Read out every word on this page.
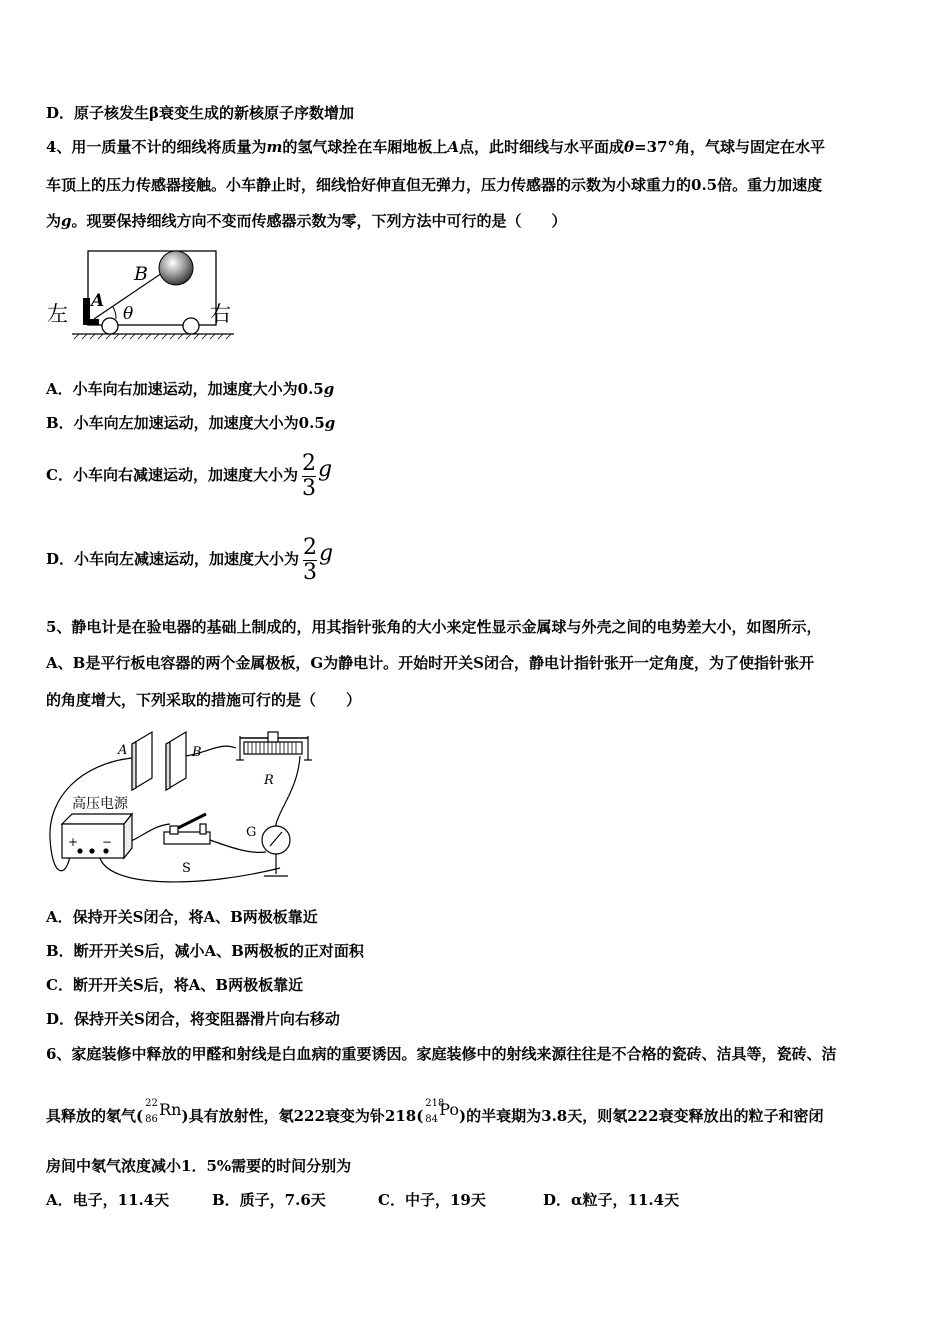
D．原子核发生β衰变生成的新核原子序数增加
4、用一质量不计的细线将质量为m的氢气球拴在车厢地板上A点，此时细线与水平面成θ=37°角，气球与固定在水平
车顶上的压力传感器接触。小车静止时，细线恰好伸直但无弹力，压力传感器的示数为小球重力的0.5倍。重力加速度
为g。现要保持细线方向不变而传感器示数为零，下列方法中可行的是（　　）
左	右
A
B
θ
A．小车向右加速运动，加速度大小为0.5g
B．小车向左加速运动，加速度大小为0.5g
C．小车向右减速运动，加速度大小为 $\frac{2}{3}$ g
D．小车向左减速运动，加速度大小为 $\frac{2}{3}$ g
5、静电计是在验电器的基础上制成的，用其指针张角的大小来定性显示金属球与外壳之间的电势差大小，如图所示，
A、B是平行板电容器的两个金属极板，G为静电计。开始时开关S闭合，静电计指针张开一定角度，为了使指针张开
的角度增大，下列采取的措施可行的是（　　）
A	B
R
G
S
高压电源
+ −
A．保持开关S闭合，将A、B两极板靠近
B．断开开关S后，减小A、B两极板的正对面积
C．断开开关S后，将A、B两极板靠近
D．保持开关S闭合，将变阻器滑片向右移动
6、家庭装修中释放的甲醛和射线是白血病的重要诱因。家庭装修中的射线来源往往是不合格的瓷砖、洁具等，瓷砖、洁
具释放的氡气(
22
86
Rn)具有放射性，氡222衰变为钋218(
218
84
Po)的半衰期为3.8天，则氡222衰变释放出的粒子和密闭
房间中氡气浓度减小1．5%需要的时间分别为
A．电子，11.4天	B．质子，7.6天	C．中子，19天	D．α粒子，11.4天
